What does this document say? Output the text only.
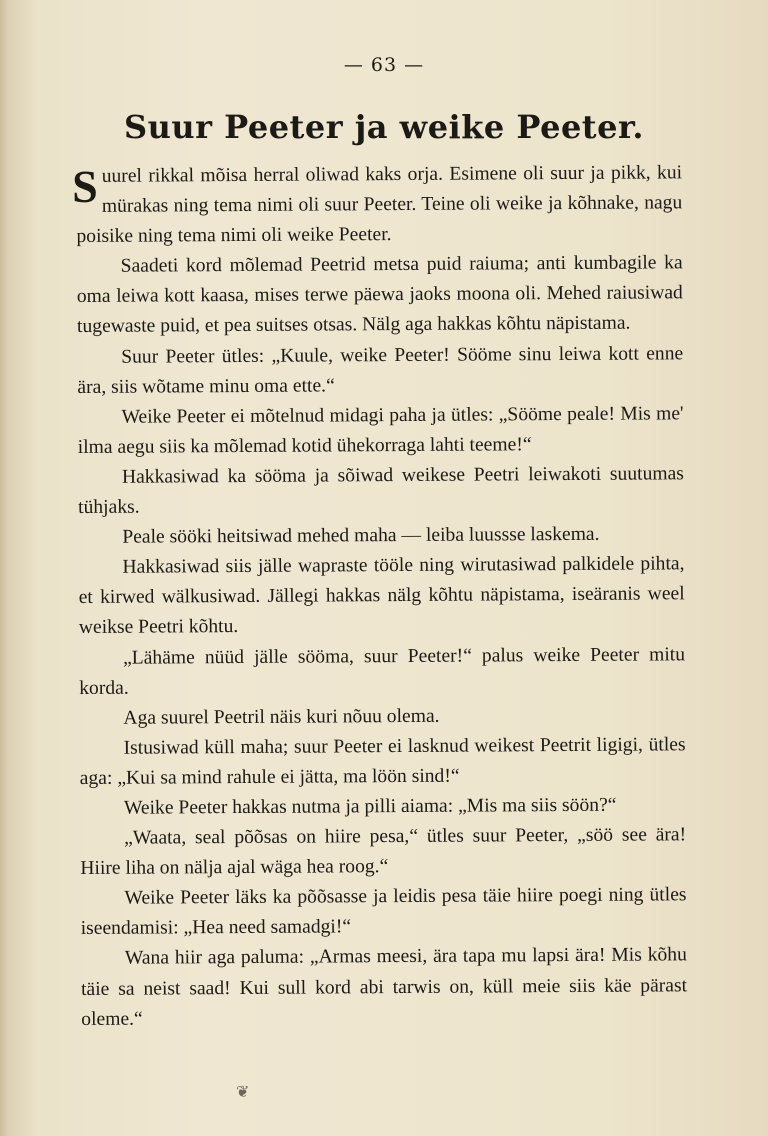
— 63 —
Suur Peeter ja weike Peeter.

Suurel rikkal mõisa herral oliwad kaks orja. Esimene oli suur ja pikk, kui mürakas ning tema nimi oli suur Peeter. Teine oli weike ja kõhnake, nagu poisike ning tema nimi oli weike Peeter.

Saadeti kord mõlemad Peetrid metsa puid raiuma; anti kumbagile ka oma leiwa kott kaasa, mises terwe päewa jaoks moona oli. Mehed raiusiwad tugewaste puid, et pea suitses otsas. Nälg aga hakkas kõhtu näpistama.

Suur Peeter ütles: „Kuule, weike Peeter! Sööme sinu leiwa kott enne ära, siis wõtame minu oma ette.“

Weike Peeter ei mõtelnud midagi paha ja ütles: „Sööme peale! Mis me' ilma aegu siis ka mõlemad kotid ühekorraga lahti teeme!“

Hakkasiwad ka sööma ja sõiwad weikese Peetri leiwakoti suutumas tühjaks.

Peale sööki heitsiwad mehed maha — leiba luussse laskema.

Hakkasiwad siis jälle wapraste tööle ning wirutasiwad palkidele pihta, et kirwed wälkusiwad. Jällegi hakkas nälg kõhtu näpistama, iseäranis weel weikse Peetri kõhtu.

„Lähäme nüüd jälle sööma, suur Peeter!“ palus weike Peeter mitu korda.

Aga suurel Peetril näis kuri nõuu olema.

Istusiwad küll maha; suur Peeter ei lasknud weikest Peetrit ligigi, ütles aga: „Kui sa mind rahule ei jätta, ma löön sind!“

Weike Peeter hakkas nutma ja pilli aiama: „Mis ma siis söön?“

„Waata, seal põõsas on hiire pesa,“ ütles suur Peeter, „söö see ära! Hiire liha on nälja ajal wäga hea roog.“

Weike Peeter läks ka põõsasse ja leidis pesa täie hiire poegi ning ütles iseendamisi: „Hea need samadgi!“

Wana hiir aga paluma: „Armas meesi, ära tapa mu lapsi ära! Mis kõhu täie sa neist saad! Kui sull kord abi tarwis on, küll meie siis käe pärast oleme.“

❦
